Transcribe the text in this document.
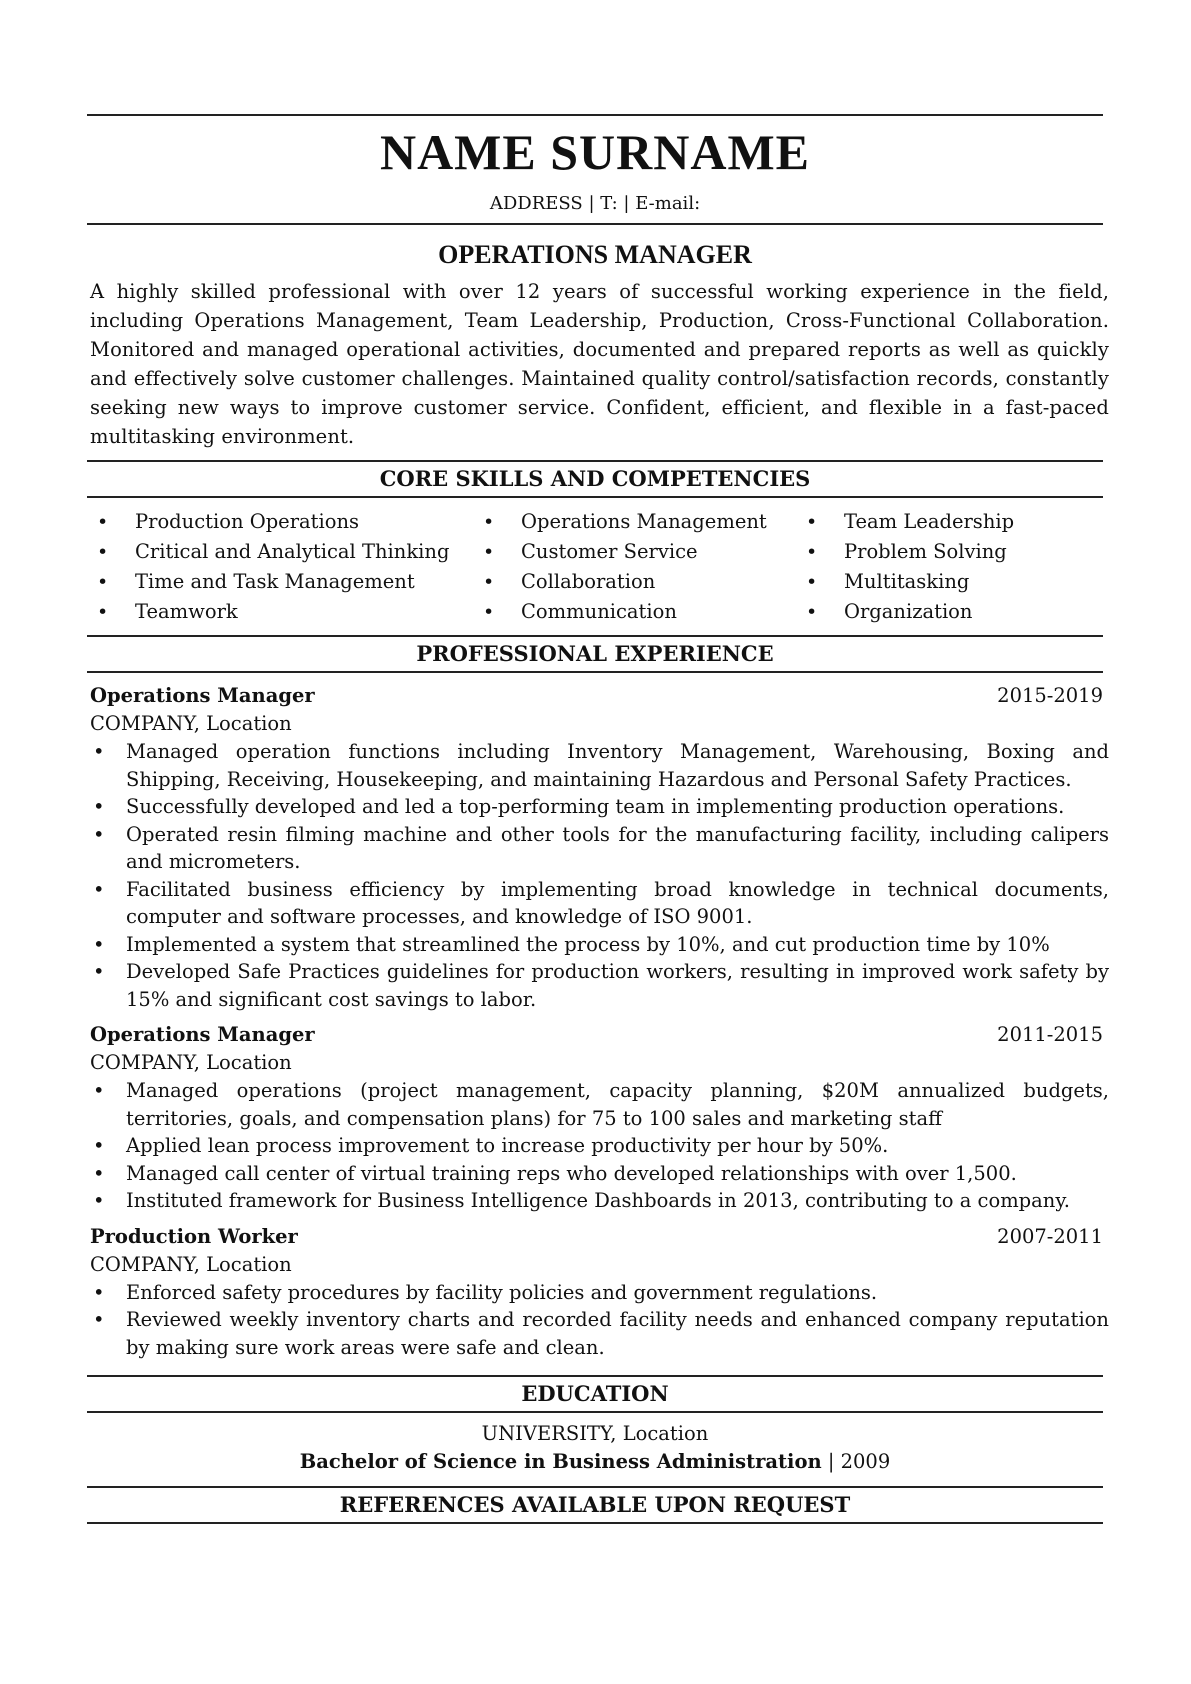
NAME SURNAME
ADDRESS | T: | E-mail:
OPERATIONS MANAGER

A highly skilled professional with over 12 years of successful working experience in the field, including Operations Management, Team Leadership, Production, Cross-Functional Collaboration. Monitored and managed operational activities, documented and prepared reports as well as quickly and effectively solve customer challenges. Maintained quality control/satisfaction records, constantly seeking new ways to improve customer service. Confident, efficient, and flexible in a fast-paced multitasking environment.

CORE SKILLS AND COMPETENCIES
• Production Operations
• Critical and Analytical Thinking
• Time and Task Management
• Teamwork
• Operations Management
• Customer Service
• Collaboration
• Communication
• Team Leadership
• Problem Solving
• Multitasking
• Organization
PROFESSIONAL EXPERIENCE
Operations Manager	2015-2019
COMPANY, Location
• Managed operation functions including Inventory Management, Warehousing, Boxing and Shipping, Receiving, Housekeeping, and maintaining Hazardous and Personal Safety Practices.
• Successfully developed and led a top-performing team in implementing production operations.
• Operated resin filming machine and other tools for the manufacturing facility, including calipers and micrometers.
• Facilitated business efficiency by implementing broad knowledge in technical documents, computer and software processes, and knowledge of ISO 9001.
• Implemented a system that streamlined the process by 10%, and cut production time by 10%
• Developed Safe Practices guidelines for production workers, resulting in improved work safety by 15% and significant cost savings to labor.
Operations Manager	2011-2015
COMPANY, Location
• Managed operations (project management, capacity planning, $20M annualized budgets, territories, goals, and compensation plans) for 75 to 100 sales and marketing staff
• Applied lean process improvement to increase productivity per hour by 50%.
• Managed call center of virtual training reps who developed relationships with over 1,500.
• Instituted framework for Business Intelligence Dashboards in 2013, contributing to a company.
Production Worker	2007-2011
COMPANY, Location
• Enforced safety procedures by facility policies and government regulations.
• Reviewed weekly inventory charts and recorded facility needs and enhanced company reputation by making sure work areas were safe and clean.
EDUCATION
UNIVERSITY, Location
Bachelor of Science in Business Administration | 2009
REFERENCES AVAILABLE UPON REQUEST
